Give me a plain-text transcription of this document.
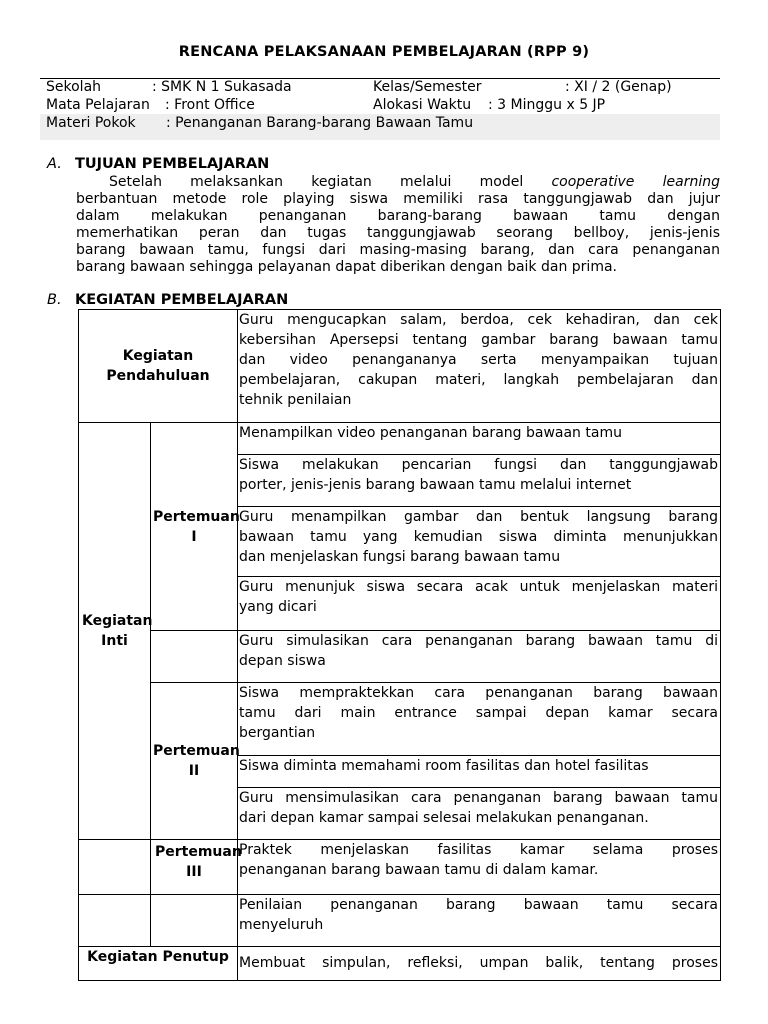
RENCANA PELAKSANAAN PEMBELAJARAN (RPP 9)
Sekolah	: SMK N 1 Sukasada	Kelas/Semester	: XI / 2 (Genap)
Mata Pelajaran : Front Office	Alokasi Waktu : 3 Minggu x 5 JP
Materi Pokok : Penanganan Barang-barang Bawaan Tamu
A. TUJUAN PEMBELAJARAN
Setelah  melaksankan  kegiatan  melalui  model  cooperative  learning
berbantuan metode role playing siswa memiliki rasa tanggungjawab dan jujur
dalam melakukan penanganan barang-barang bawaan tamu dengan
memerhatikan peran dan tugas tanggungjawab seorang bellboy, jenis-jenis
barang bawaan tamu, fungsi dari masing-masing barang, dan cara penanganan
barang bawaan sehingga pelayanan dapat diberikan dengan baik dan prima.
B. KEGIATAN PEMBELAJARAN
Kegiatan Pendahuluan		Guru mengucapkan salam, berdoa, cek kehadiran, dan cek
kebersihan Apersepsi tentang gambar barang bawaan tamu
dan video penangananya serta menyampaikan tujuan
pembelajaran, cakupan materi, langkah pembelajaran dan
tehnik penilaian

Kegiatan Inti	Pertemuan I	Menampilkan video penanganan barang bawaan tamu

		Siswa melakukan pencarian fungsi dan tanggungjawab
porter, jenis-jenis barang bawaan tamu melalui internet

		Guru menampilkan gambar dan bentuk langsung barang
bawaan tamu yang kemudian siswa diminta menunjukkan
dan menjelaskan fungsi barang bawaan tamu

		Guru menunjuk siswa secara acak untuk menjelaskan materi
yang dicari

		Guru simulasikan cara penanganan barang bawaan tamu di
depan siswa

	Pertemuan II	Siswa mempraktekkan cara penanganan barang bawaan
tamu dari main entrance sampai depan kamar secara
bergantian

		Siswa diminta memahami room fasilitas dan hotel fasilitas

		Guru mensimulasikan cara penanganan barang bawaan tamu
dari depan kamar sampai selesai melakukan penanganan.

	Pertemuan III	Praktek menjelaskan fasilitas kamar selama proses
penanganan barang bawaan tamu di dalam kamar.

		Penilaian penanganan barang bawaan tamu secara
menyeluruh

Kegiatan Penutup		Membuat simpulan, refleksi, umpan balik, tentang proses
